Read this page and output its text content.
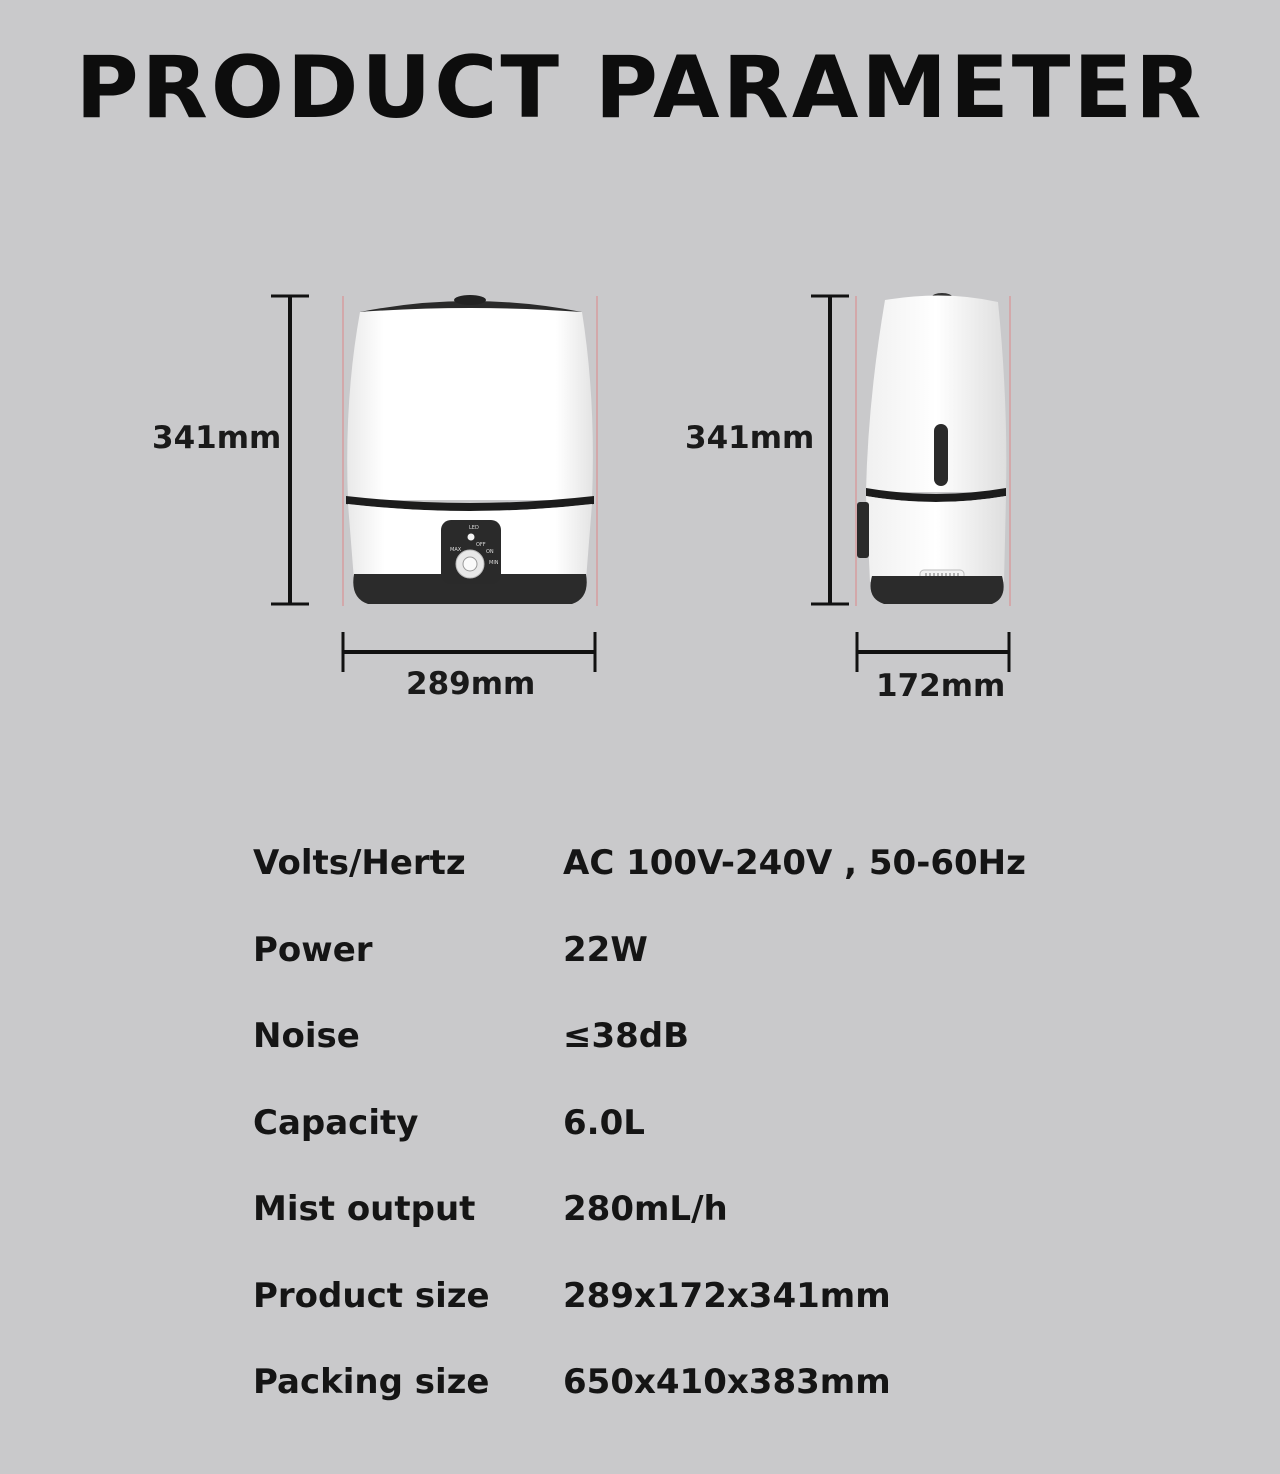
PRODUCT PARAMETER
LED
OFF
ON
MAX
MIN
341mm
289mm
341mm
172mm
Volts/Hertz	AC 100V-240V , 50-60Hz
Power	22W
Noise	≤38dB
Capacity	6.0L
Mist output	280mL/h
Product size	289x172x341mm
Packing size	650x410x383mm
